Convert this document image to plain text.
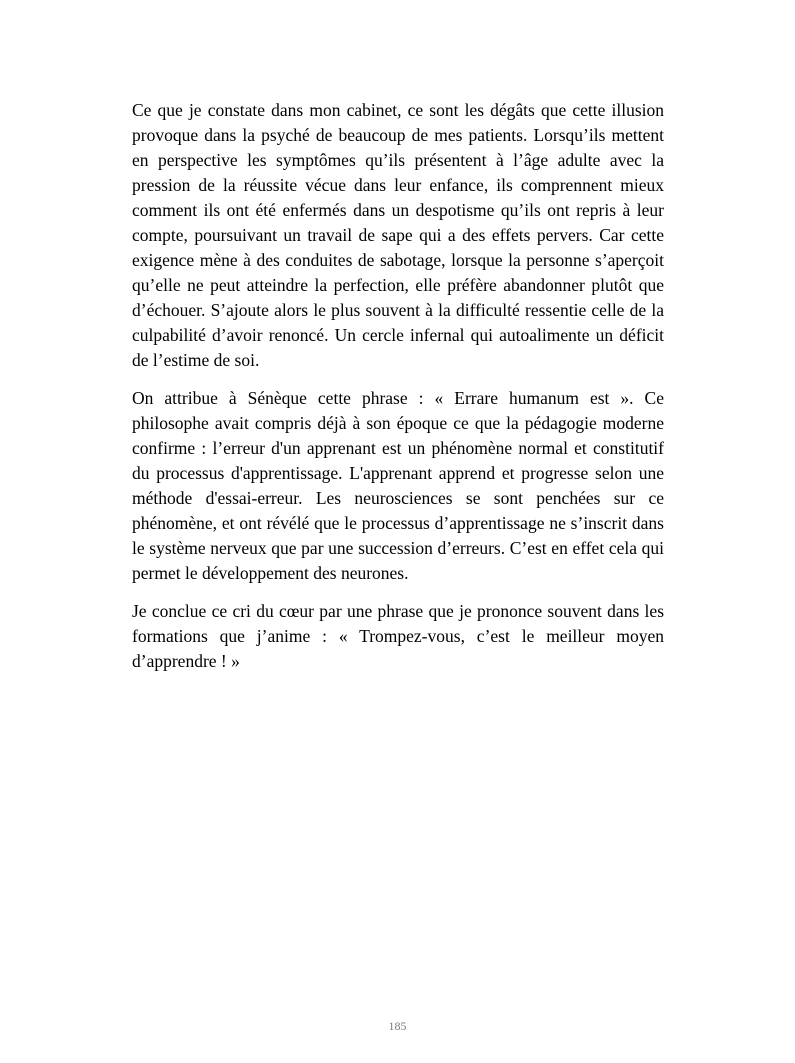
Ce que je constate dans mon cabinet, ce sont les dégâts que cette illusion provoque dans la psyché de beaucoup de mes patients. Lorsqu’ils mettent en perspective les symptômes qu’ils présentent à l’âge adulte avec la pression de la réussite vécue dans leur enfance, ils comprennent mieux comment ils ont été enfermés dans un despotisme qu’ils ont repris à leur compte, poursuivant un travail de sape qui a des effets pervers. Car cette exigence mène à des conduites de sabotage, lorsque la personne s’aperçoit qu’elle ne peut atteindre la perfection, elle préfère abandonner plutôt que d’échouer. S’ajoute alors le plus souvent à la difficulté ressentie celle de la culpabilité d’avoir renoncé. Un cercle infernal qui autoalimente un déficit de l’estime de soi.

On attribue à Sénèque cette phrase : « Errare humanum est ». Ce philosophe avait compris déjà à son époque ce que la pédagogie moderne confirme : l’erreur d'un apprenant est un phénomène normal et constitutif du processus d'apprentissage. L'apprenant apprend et progresse selon une méthode d'essai-erreur. Les neurosciences se sont penchées sur ce phénomène, et ont révélé que le processus d’apprentissage ne s’inscrit dans le système nerveux que par une succession d’erreurs. C’est en effet cela qui permet le développement des neurones.

Je conclue ce cri du cœur par une phrase que je prononce souvent dans les formations que j’anime : « Trompez-vous, c’est le meilleur moyen d’apprendre ! »

185
